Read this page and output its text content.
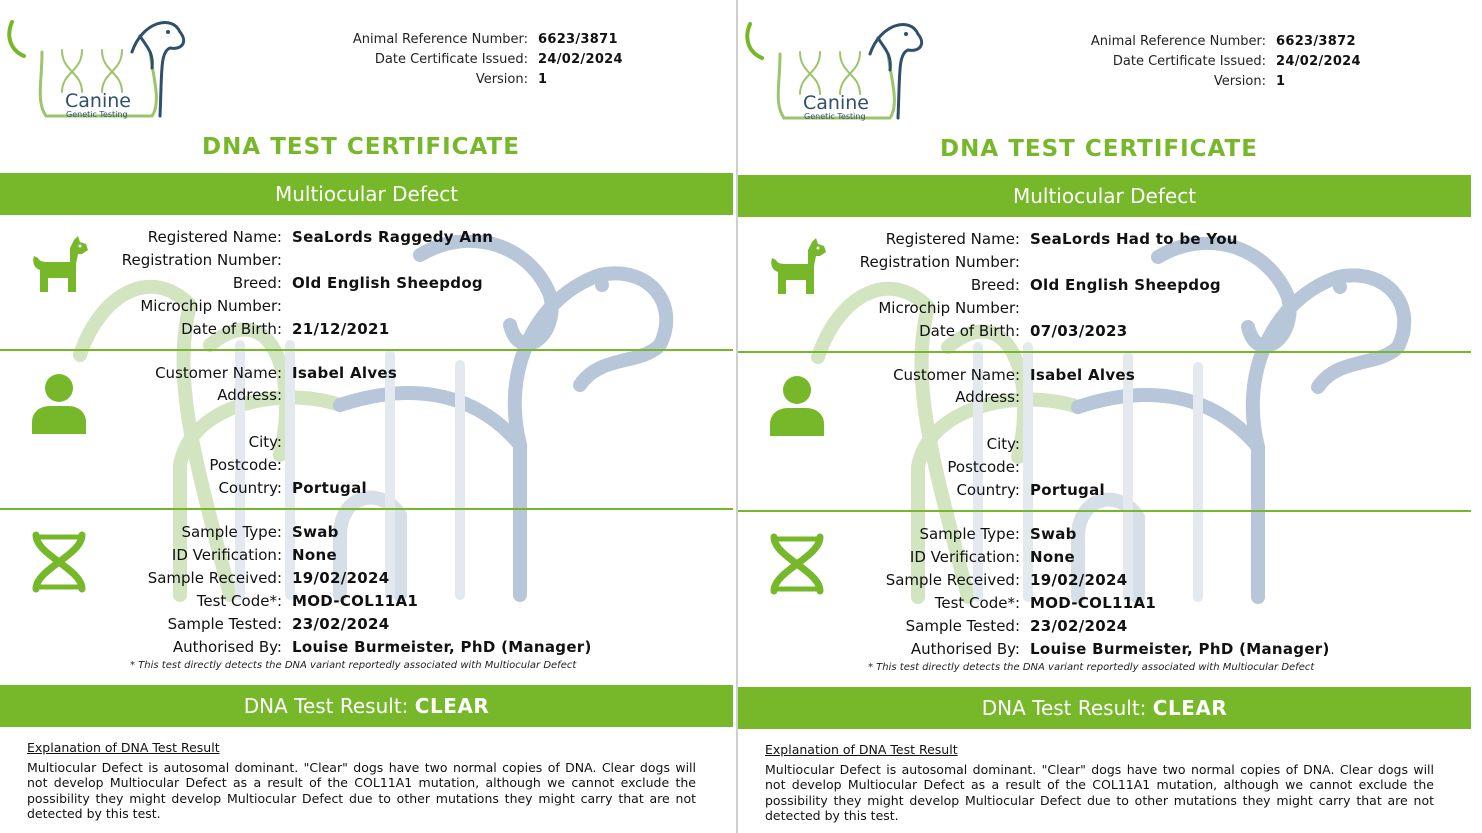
Canine
Genetic Testing
Animal Reference Number: 6623/3871
Date Certificate Issued: 24/02/2024
Version: 1
DNA TEST CERTIFICATE
Multiocular Defect
Registered Name: SeaLords Raggedy Ann
Registration Number:
Breed: Old English Sheepdog
Microchip Number:
Date of Birth: 21/12/2021
Customer Name: Isabel Alves
Address:
City:
Postcode:
Country: Portugal
Sample Type: Swab
ID Verification: None
Sample Received: 19/02/2024
Test Code*: MOD-COL11A1
Sample Tested: 23/02/2024
Authorised By: Louise Burmeister, PhD (Manager)
* This test directly detects the DNA variant reportedly associated with Multiocular Defect
DNA Test Result: CLEAR
Explanation of DNA Test Result
Multiocular Defect is autosomal dominant. "Clear" dogs have two normal copies of DNA. Clear dogs will not develop Multiocular Defect as a result of the COL11A1 mutation, although we cannot exclude the possibility they might develop Multiocular Defect due to other mutations they might carry that are not detected by this test.
Canine
Genetic Testing
Animal Reference Number: 6623/3872
Date Certificate Issued: 24/02/2024
Version: 1
DNA TEST CERTIFICATE
Multiocular Defect
Registered Name: SeaLords Had to be You
Registration Number:
Breed: Old English Sheepdog
Microchip Number:
Date of Birth: 07/03/2023
Customer Name: Isabel Alves
Address:
City:
Postcode:
Country: Portugal
Sample Type: Swab
ID Verification: None
Sample Received: 19/02/2024
Test Code*: MOD-COL11A1
Sample Tested: 23/02/2024
Authorised By: Louise Burmeister, PhD (Manager)
* This test directly detects the DNA variant reportedly associated with Multiocular Defect
DNA Test Result: CLEAR
Explanation of DNA Test Result
Multiocular Defect is autosomal dominant. "Clear" dogs have two normal copies of DNA. Clear dogs will not develop Multiocular Defect as a result of the COL11A1 mutation, although we cannot exclude the possibility they might develop Multiocular Defect due to other mutations they might carry that are not detected by this test.
